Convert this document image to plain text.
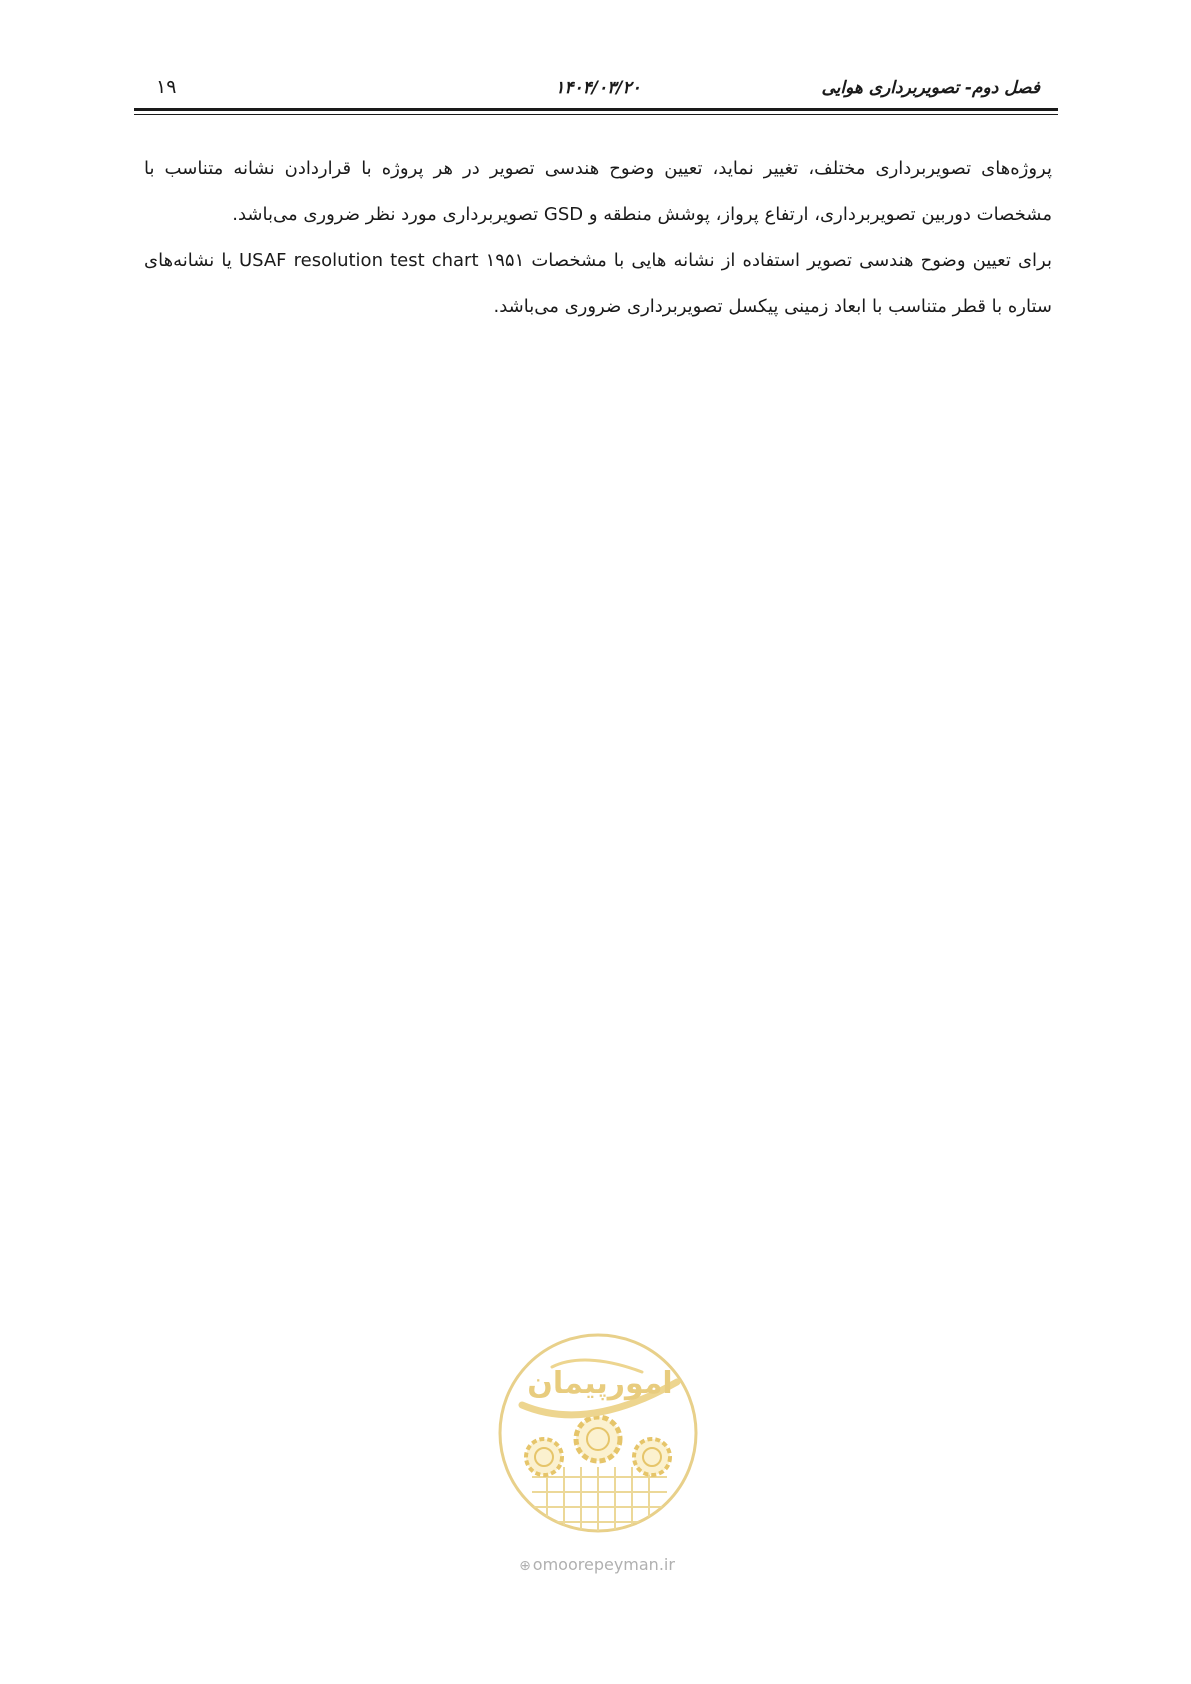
۱۹	۱۴۰۴/۰۳/۲۰	فصل دوم- تصویربرداری هوایی

پروژه‌های تصویربرداری مختلف، تغییر نماید، تعیین وضوح هندسی تصویر در هر پروژه با قراردادن نشانه متناسب با مشخصات دوربین تصویربرداری، ارتفاع پرواز، پوشش منطقه و GSD تصویربرداری مورد نظر ضروری می‌باشد.

برای تعیین وضوح هندسی تصویر استفاده از نشانه هایی با مشخصات USAF resolution test chart ۱۹۵۱ یا نشانه‌های ستاره با قطر متناسب با ابعاد زمینی پیکسل تصویربرداری ضروری می‌باشد.

امورپیمان
⊕ omoorepeyman.ir
